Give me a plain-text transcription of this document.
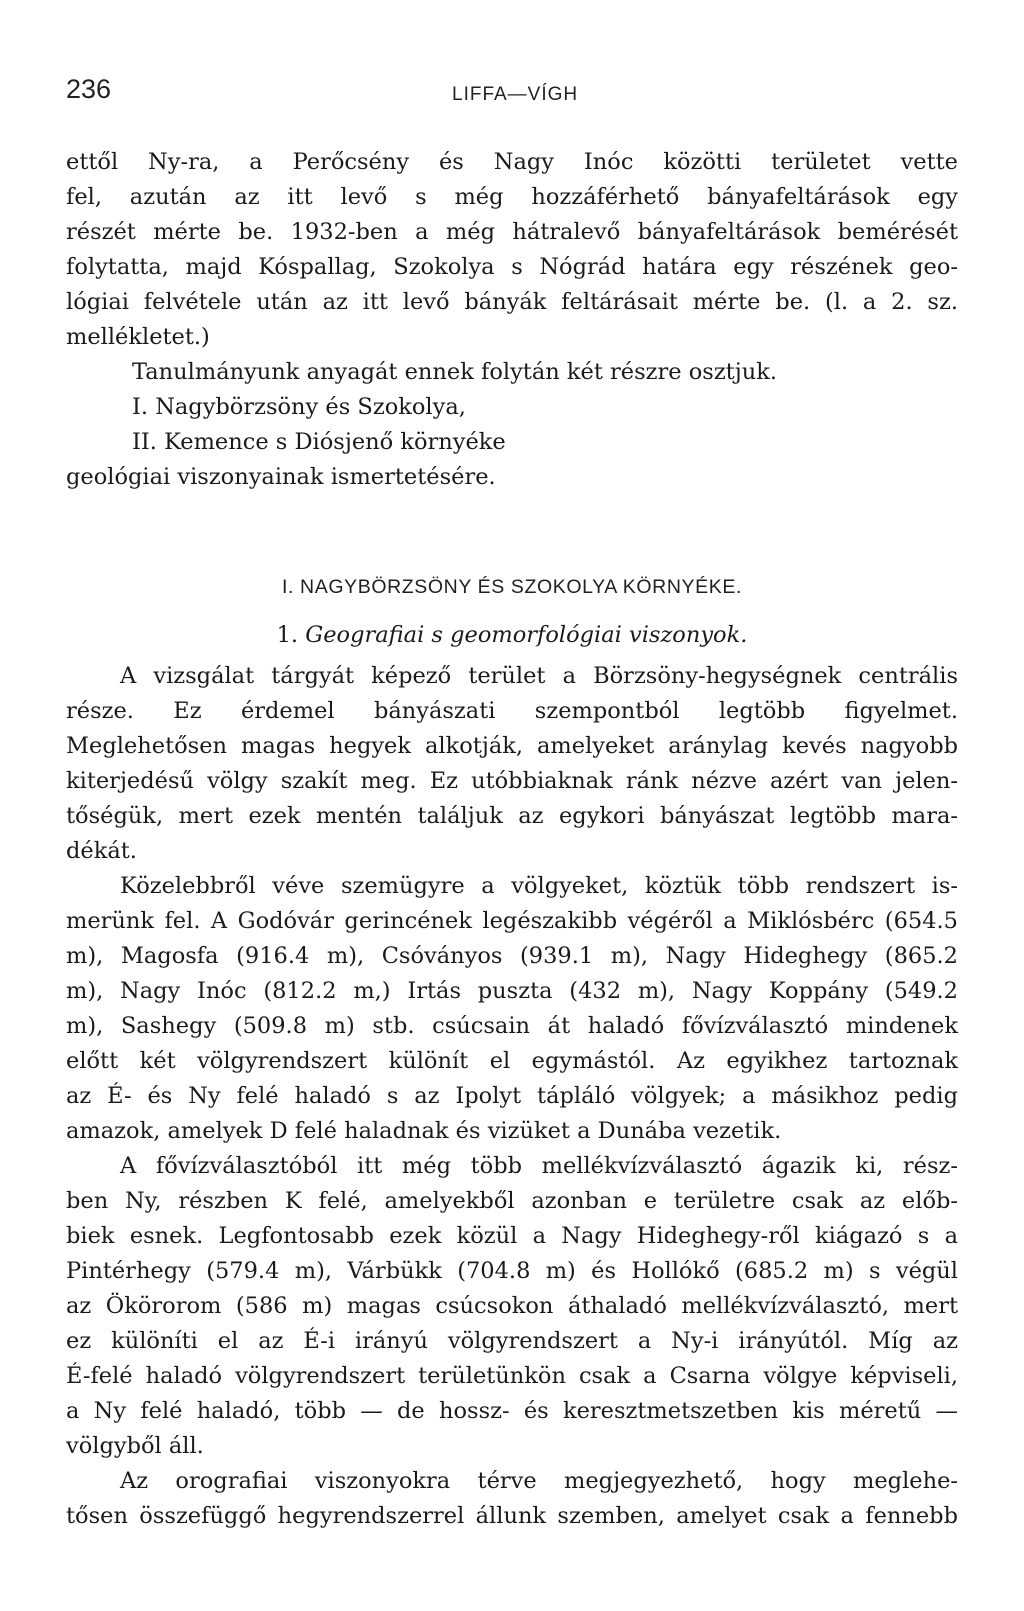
236	LIFFA—VÍGH
ettől Ny-ra, a Perőcsény és Nagy Inóc közötti területet vette
fel, azután az itt levő s még hozzáférhető bányafeltárások egy
részét mérte be. 1932-ben a még hátralevő bányafeltárások bemérését
folytatta, majd Kóspallag, Szokolya s Nógrád határa egy részének geo-
lógiai felvétele után az itt levő bányák feltárásait mérte be. (l. a 2. sz.
mellékletet.)
Tanulmányunk anyagát ennek folytán két részre osztjuk.
I. Nagybörzsöny és Szokolya,
II. Kemence s Diósjenő környéke
geológiai viszonyainak ismertetésére.
I. NAGYBÖRZSÖNY ÉS SZOKOLYA KÖRNYÉKE.
1. Geografiai s geomorfológiai viszonyok.
A vizsgálat tárgyát képező terület a Börzsöny-hegységnek centrális
része. Ez érdemel bányászati szempontból legtöbb figyelmet.
Meglehetősen magas hegyek alkotják, amelyeket aránylag kevés nagyobb
kiterjedésű völgy szakít meg. Ez utóbbiaknak ránk nézve azért van jelen-
tőségük, mert ezek mentén találjuk az egykori bányászat legtöbb mara-
dékát.
Közelebbről véve szemügyre a völgyeket, köztük több rendszert is-
merünk fel. A Godóvár gerincének legészakibb végéről a Miklósbérc (654.5
m), Magosfa (916.4 m), Csóványos (939.1 m), Nagy Hideghegy (865.2
m), Nagy Inóc (812.2 m,) Irtás puszta (432 m), Nagy Koppány (549.2
m), Sashegy (509.8 m) stb. csúcsain át haladó fővízválasztó mindenek
előtt két völgyrendszert különít el egymástól. Az egyikhez tartoznak
az É- és Ny felé haladó s az Ipolyt tápláló völgyek; a másikhoz pedig
amazok, amelyek D felé haladnak és vizüket a Dunába vezetik.
A fővízválasztóból itt még több mellékvízválasztó ágazik ki, rész-
ben Ny, részben K felé, amelyekből azonban e területre csak az előb-
biek esnek. Legfontosabb ezek közül a Nagy Hideghegy-ről kiágazó s a
Pintérhegy (579.4 m), Várbükk (704.8 m) és Hollókő (685.2 m) s végül
az Ökörorom (586 m) magas csúcsokon áthaladó mellékvízválasztó, mert
ez különíti el az É-i irányú völgyrendszert a Ny-i irányútól. Míg az
É-felé haladó völgyrendszert területünkön csak a Csarna völgye képviseli,
a Ny felé haladó, több — de hossz- és keresztmetszetben kis méretű —
völgyből áll.
Az orografiai viszonyokra térve megjegyezhető, hogy meglehe-
tősen összefüggő hegyrendszerrel állunk szemben, amelyet csak a fennebb
